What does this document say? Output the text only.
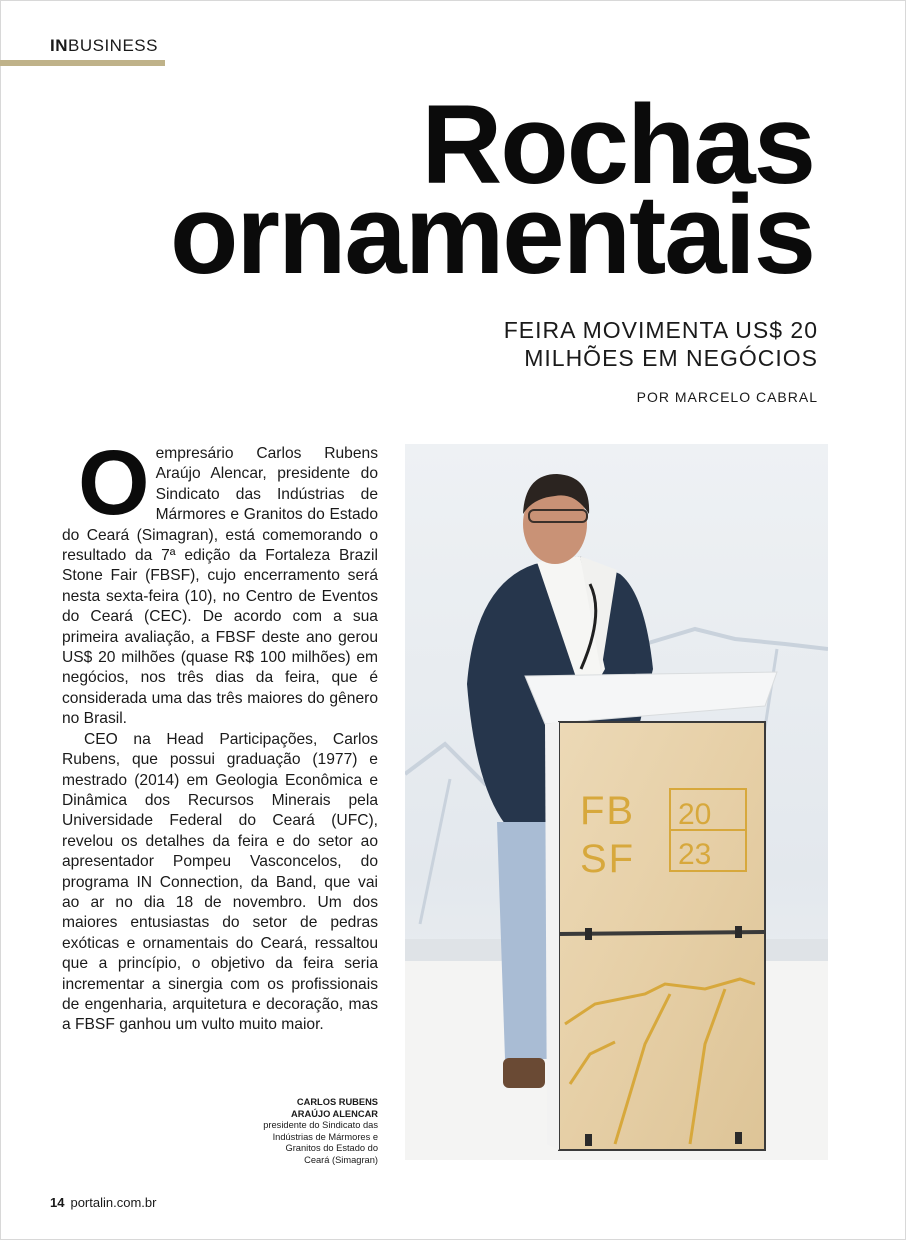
INBUSINESS
Rochas
ornamentais
FEIRA MOVIMENTA US$ 20
MILHÕES EM NEGÓCIOS
POR MARCELO CABRAL
O empresário Carlos Rubens Araújo Alencar, presidente do Sindicato das Indústrias de Mármores e Granitos do Estado do Ceará (Simagran), está comemorando o resultado da 7ª edição da Fortaleza Brazil Stone Fair (FBSF), cujo encerramento será nesta sexta-feira (10), no Centro de Eventos do Ceará (CEC). De acordo com a sua primeira avaliação, a FBSF deste ano gerou US$ 20 milhões (quase R$ 100 milhões) em negócios, nos três dias da feira, que é considerada uma das três maiores do gênero no Brasil.

CEO na Head Participações, Carlos Rubens, que possui graduação (1977) e mestrado (2014) em Geologia Econômica e Dinâmica dos Recursos Minerais pela Universidade Federal do Ceará (UFC), revelou os detalhes da feira e do setor ao apresentador Pompeu Vasconcelos, do programa IN Connection, da Band, que vai ao ar no dia 18 de novembro. Um dos maiores entusiastas do setor de pedras exóticas e ornamentais do Ceará, ressaltou que a princípio, o objetivo da feira seria incrementar a sinergia com os profissionais de engenharia, arquitetura e decoração, mas a FBSF ganhou um vulto muito maior.

FB
SF
20
23
CARLOS RUBENS
ARAÚJO ALENCAR
presidente do Sindicato das
Indústrias de Mármores e
Granitos do Estado do
Ceará (Simagran)
14 portalin.com.br
